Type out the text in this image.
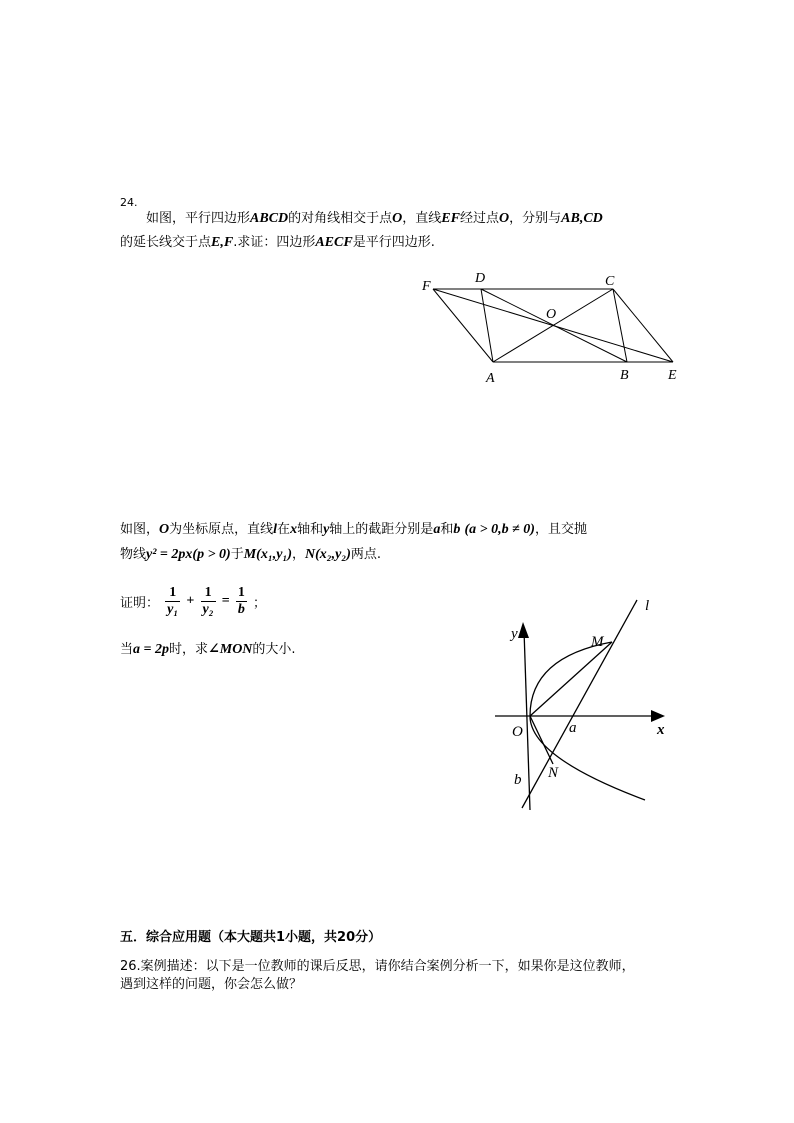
24.
如图，平行四边形ABCD的对角线相交于点O，直线EF经过点O，分别与AB,CD
的延长线交于点E,F.求证：四边形AECF是平行四边形.
F
D	C
O
A	B	E
如图，O为坐标原点，直线l在x轴和y轴上的截距分别是a和b (a > 0,b ≠ 0)，且交抛
物线y² = 2px(p > 0)于M(x₁,y₁)，N(x₂,y₂)两点.
证明： $\frac{1}{\text{y₁}} + \frac{1}{\text{y₂}} = \frac{1}{b}$ ；
当a = 2p时，求∠MON的大小.
l
y	M
O	a	x
b N
五．综合应用题（本大题共1小题，共20分）
26.案例描述：以下是一位教师的课后反思，请你结合案例分析一下，如果你是这位教师，
遇到这样的问题，你会怎么做？
